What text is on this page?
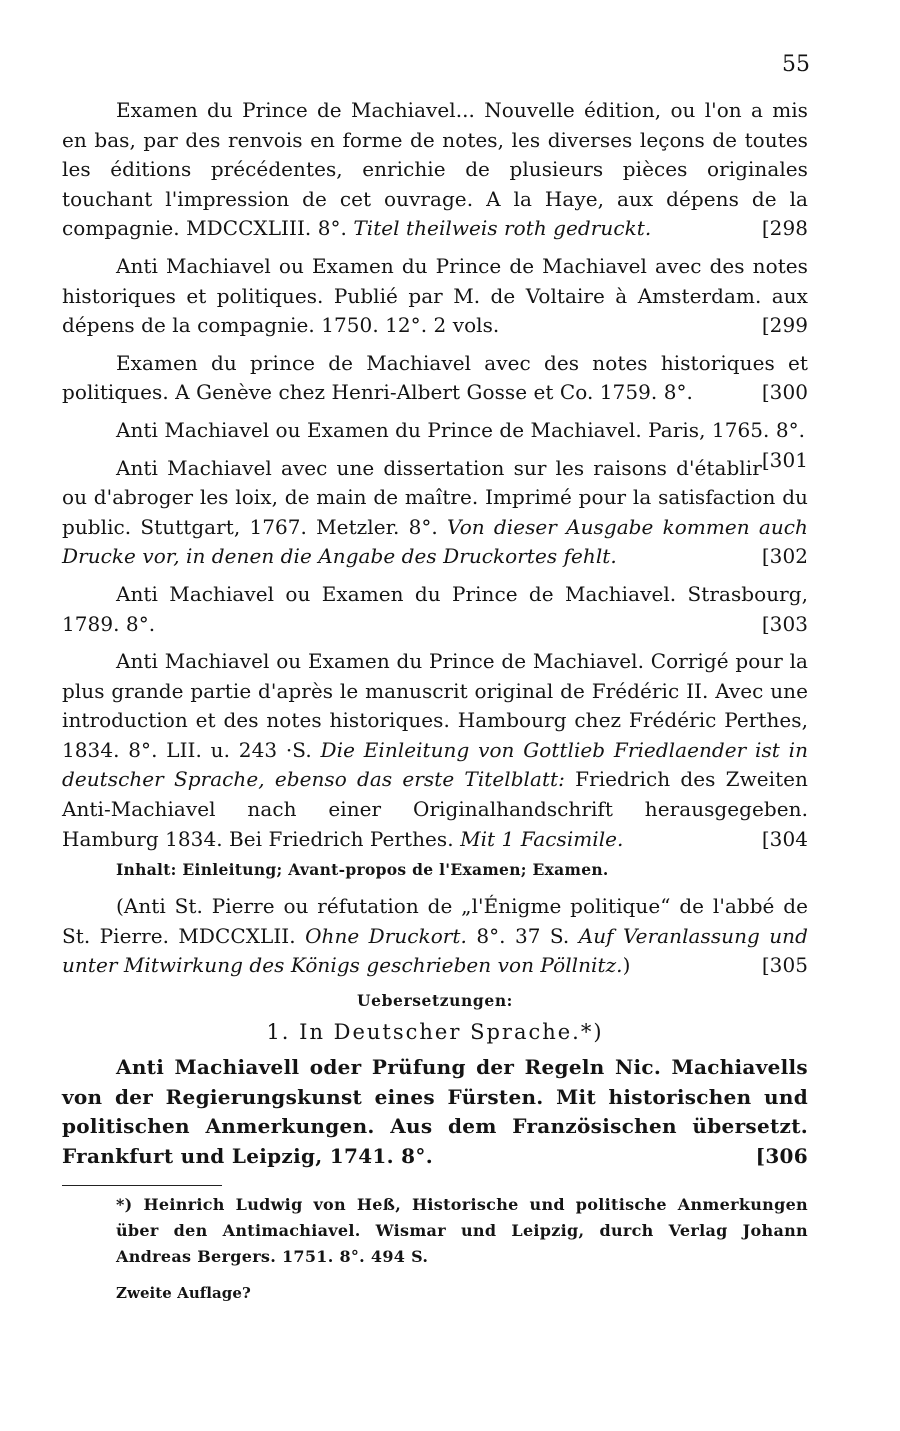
55

Examen du Prince de Machiavel... Nouvelle édition, ou l'on a mis en bas, par des renvois en forme de notes, les diverses leçons de toutes les éditions précédentes, enrichie de plusieurs pièces originales touchant l'impression de cet ouvrage. A la Haye, aux dépens de la compagnie. MDCCXLIII. 8°. Titel theilweis roth gedruckt.	[298

Anti Machiavel ou Examen du Prince de Machiavel avec des notes historiques et politiques. Publié par M. de Voltaire à Amsterdam. aux dépens de la compagnie. 1750. 12°. 2 vols.	[299

Examen du prince de Machiavel avec des notes historiques et politiques. A Genève chez Henri-Albert Gosse et Co. 1759. 8°.	[300

Anti Machiavel ou Examen du Prince de Machiavel. Paris, 1765. 8°.
[301

Anti Machiavel avec une dissertation sur les raisons d'établir ou d'abroger les loix, de main de maître. Imprimé pour la satisfaction du public. Stuttgart, 1767. Metzler. 8°. Von dieser Ausgabe kommen auch Drucke vor, in denen die Angabe des Druckortes fehlt.	[302

Anti Machiavel ou Examen du Prince de Machiavel. Strasbourg, 1789. 8°.	[303

Anti Machiavel ou Examen du Prince de Machiavel. Corrigé pour la plus grande partie d'après le manuscrit original de Frédéric II. Avec une introduction et des notes historiques. Hambourg chez Frédéric Perthes, 1834. 8°. LII. u. 243 ·S. Die Einleitung von Gottlieb Friedlaender ist in deutscher Sprache, ebenso das erste Titelblatt: Friedrich des Zweiten Anti-Machiavel nach einer Originalhandschrift herausgegeben. Hamburg 1834. Bei Friedrich Perthes. Mit 1 Facsimile.	[304

Inhalt: Einleitung; Avant-propos de l'Examen; Examen.

(Anti St. Pierre ou réfutation de „l'Énigme politique“ de l'abbé de St. Pierre. MDCCXLII. Ohne Druckort. 8°. 37 S. Auf Veranlassung und unter Mitwirkung des Königs geschrieben von Pöllnitz.)	[305

Uebersetzungen:
1. In Deutscher Sprache.*)

Anti Machiavell oder Prüfung der Regeln Nic. Machiavells von der Regierungskunst eines Fürsten. Mit historischen und politischen Anmerkungen. Aus dem Französischen übersetzt. Frankfurt und Leipzig, 1741. 8°.	[306

*) Heinrich Ludwig von Heß, Historische und politische Anmerkungen über den Antimachiavel. Wismar und Leipzig, durch Verlag Johann Andreas Bergers. 1751. 8°. 494 S.
Zweite Auflage?
